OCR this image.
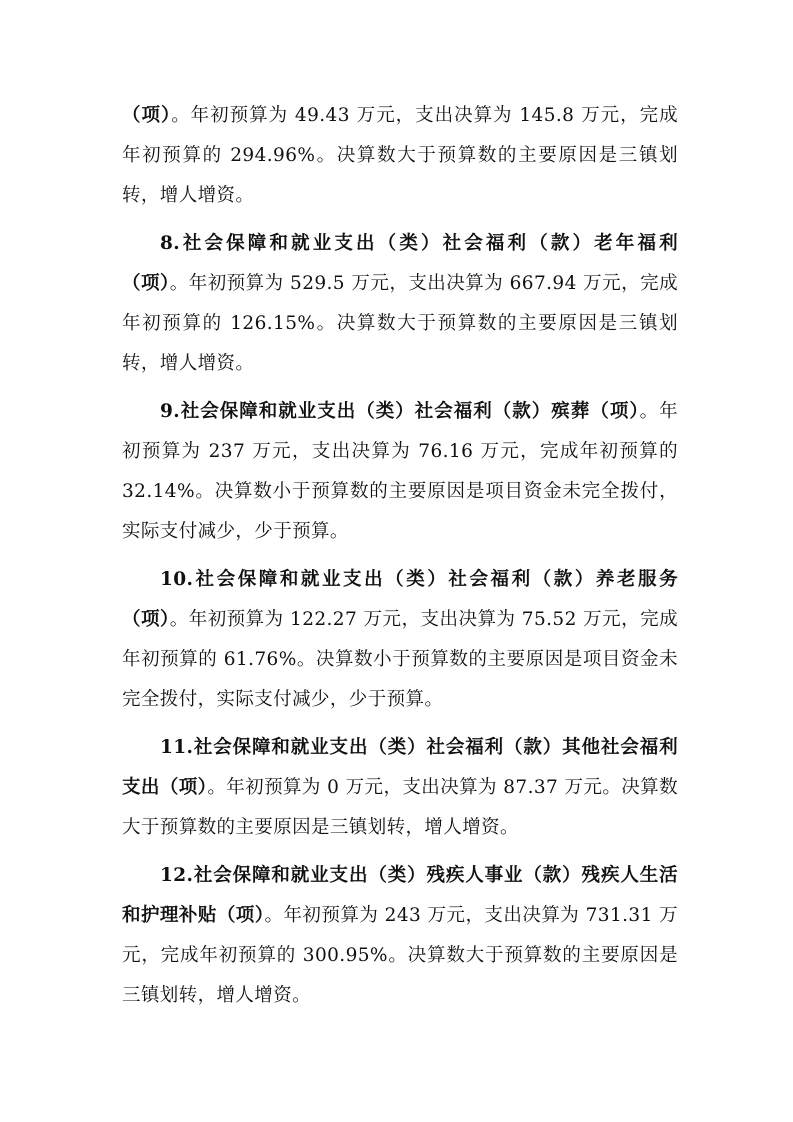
（项）。年初预算为 49.43 万元，支出决算为 145.8 万元，完成年初预算的 294.96%。决算数大于预算数的主要原因是三镇划转，增人增资。

8.社会保障和就业支出（类）社会福利（款）老年福利（项）。年初预算为 529.5 万元，支出决算为 667.94 万元，完成年初预算的 126.15%。决算数大于预算数的主要原因是三镇划转，增人增资。

9.社会保障和就业支出（类）社会福利（款）殡葬（项）。年初预算为 237 万元，支出决算为 76.16 万元，完成年初预算的 32.14%。决算数小于预算数的主要原因是项目资金未完全拨付，实际支付减少，少于预算。

10.社会保障和就业支出（类）社会福利（款）养老服务（项）。年初预算为 122.27 万元，支出决算为 75.52 万元，完成年初预算的 61.76%。决算数小于预算数的主要原因是项目资金未完全拨付，实际支付减少，少于预算。

11.社会保障和就业支出（类）社会福利（款）其他社会福利支出（项）。年初预算为 0 万元，支出决算为 87.37 万元。决算数大于预算数的主要原因是三镇划转，增人增资。

12.社会保障和就业支出（类）残疾人事业（款）残疾人生活和护理补贴（项）。年初预算为 243 万元，支出决算为 731.31 万元，完成年初预算的 300.95%。决算数大于预算数的主要原因是三镇划转，增人增资。
